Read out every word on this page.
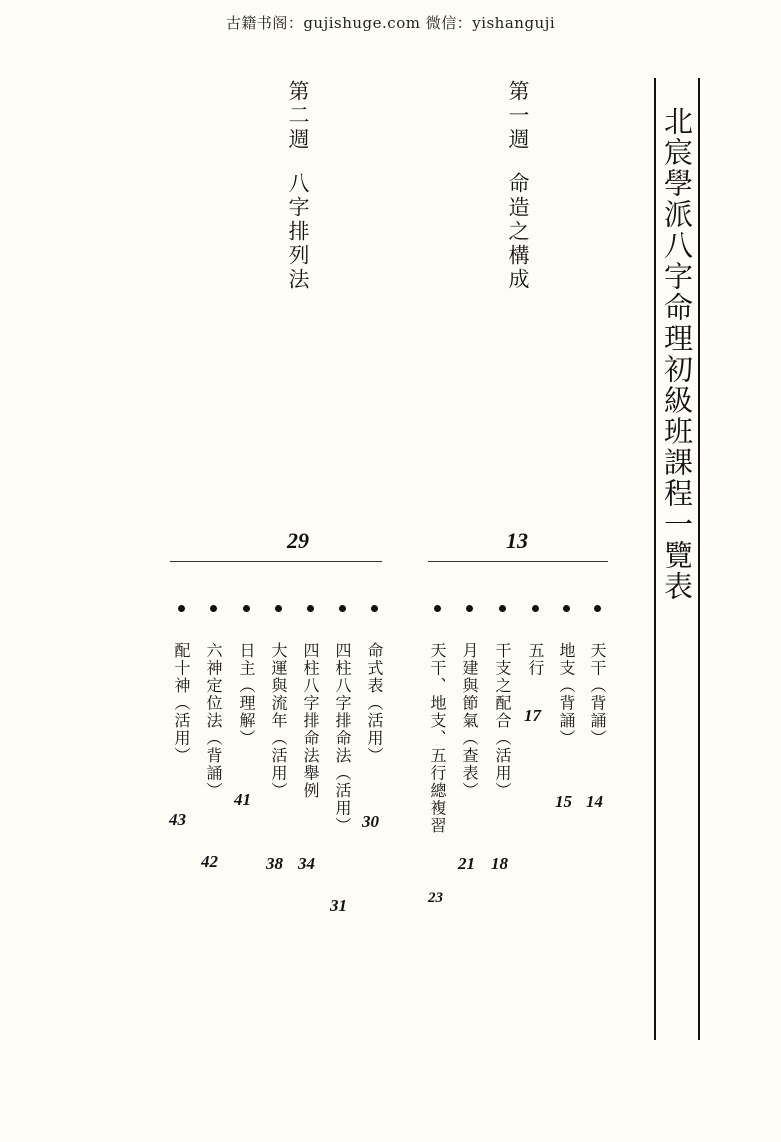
古籍书阁：gujishuge.com 微信：yishanguji
北宸學派八字命理初級班課程一覽表
第一週命造之構成
第二週八字排列法
13
29
天干（背誦）
14
地支（背誦）
15
五行
17
干支之配合（活用）
18
月建與節氣（查表）
21
天干、地支、五行總複習
23
命式表（活用）
30
四柱八字排命法（活用）
31
四柱八字排命法舉例
34
大運與流年（活用）
38
日主（理解）
41
六神定位法（背誦）
42
配十神（活用）
43
